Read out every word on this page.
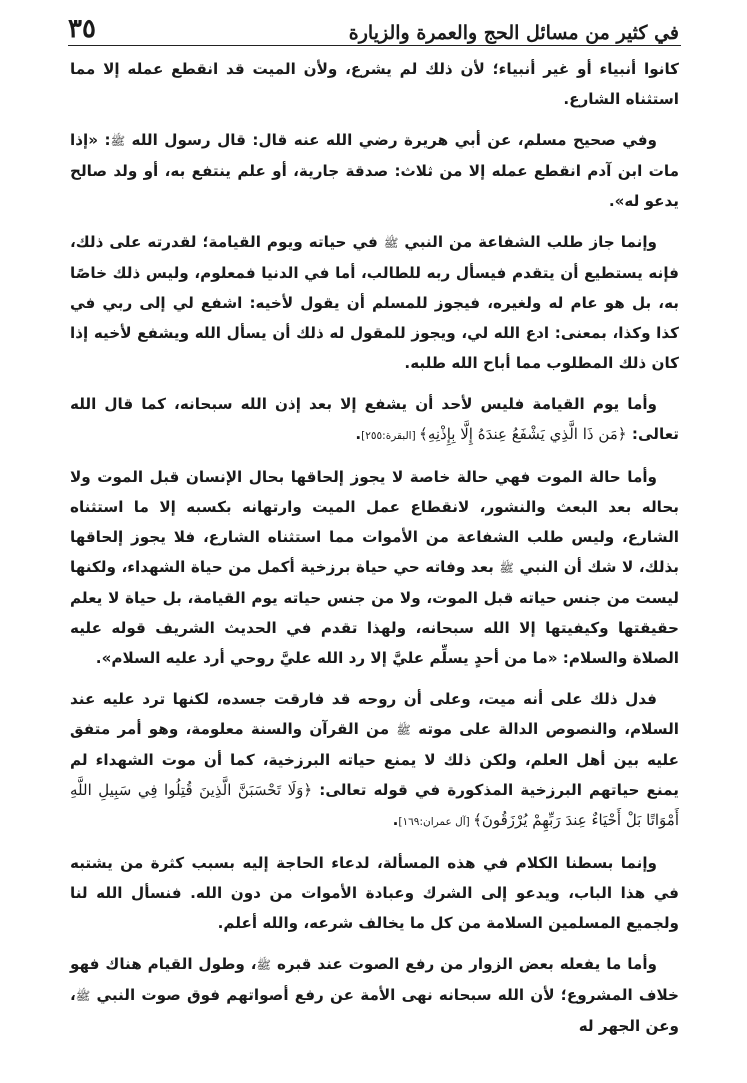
في كثير من مسائل الحج والعمرة والزيارة
٣٥

كانوا أنبياء أو غير أنبياء؛ لأن ذلك لم يشرع، ولأن الميت قد انقطع عمله إلا مما استثناه الشارع.

وفي صحيح مسلم، عن أبي هريرة رضي الله عنه قال: قال رسول الله ﷺ: «إذا مات ابن آدم انقطع عمله إلا من ثلاث: صدقة جارية، أو علم ينتفع به، أو ولد صالح يدعو له».

وإنما جاز طلب الشفاعة من النبي ﷺ في حياته ويوم القيامة؛ لقدرته على ذلك، فإنه يستطيع أن يتقدم فيسأل ربه للطالب، أما في الدنيا فمعلوم، وليس ذلك خاصًا به، بل هو عام له ولغيره، فيجوز للمسلم أن يقول لأخيه: اشفع لي إلى ربي في كذا وكذا، بمعنى: ادع الله لي، ويجوز للمقول له ذلك أن يسأل الله ويشفع لأخيه إذا كان ذلك المطلوب مما أباح الله طلبه.

وأما يوم القيامة فليس لأحد أن يشفع إلا بعد إذن الله سبحانه، كما قال الله تعالى: ﴿مَن ذَا الَّذِي يَشْفَعُ عِندَهُ إِلَّا بِإِذْنِهِ﴾ [البقرة:٢٥٥].

وأما حالة الموت فهي حالة خاصة لا يجوز إلحاقها بحال الإنسان قبل الموت ولا بحاله بعد البعث والنشور، لانقطاع عمل الميت وارتهانه بكسبه إلا ما استثناه الشارع، وليس طلب الشفاعة من الأموات مما استثناه الشارع، فلا يجوز إلحاقها بذلك، لا شك أن النبي ﷺ بعد وفاته حي حياة برزخية أكمل من حياة الشهداء، ولكنها ليست من جنس حياته قبل الموت، ولا من جنس حياته يوم القيامة، بل حياة لا يعلم حقيقتها وكيفيتها إلا الله سبحانه، ولهذا تقدم في الحديث الشريف قوله عليه الصلاة والسلام: «ما من أحدٍ يسلِّم عليَّ إلا رد الله عليَّ روحي أرد عليه السلام».

فدل ذلك على أنه ميت، وعلى أن روحه قد فارقت جسده، لكنها ترد عليه عند السلام، والنصوص الدالة على موته ﷺ من القرآن والسنة معلومة، وهو أمر متفق عليه بين أهل العلم، ولكن ذلك لا يمنع حياته البرزخية، كما أن موت الشهداء لم يمنع حياتهم البرزخية المذكورة في قوله تعالى: ﴿وَلَا تَحْسَبَنَّ الَّذِينَ قُتِلُوا فِي سَبِيلِ اللَّهِ أَمْوَاتًا بَلْ أَحْيَاءٌ عِندَ رَبِّهِمْ يُرْزَقُونَ﴾ [آل عمران:١٦٩].

وإنما بسطنا الكلام في هذه المسألة، لدعاء الحاجة إليه بسبب كثرة من يشتبه في هذا الباب، ويدعو إلى الشرك وعبادة الأموات من دون الله. فنسأل الله لنا ولجميع المسلمين السلامة من كل ما يخالف شرعه، والله أعلم.

وأما ما يفعله بعض الزوار من رفع الصوت عند قبره ﷺ، وطول القيام هناك فهو خلاف المشروع؛ لأن الله سبحانه نهى الأمة عن رفع أصواتهم فوق صوت النبي ﷺ، وعن الجهر له
